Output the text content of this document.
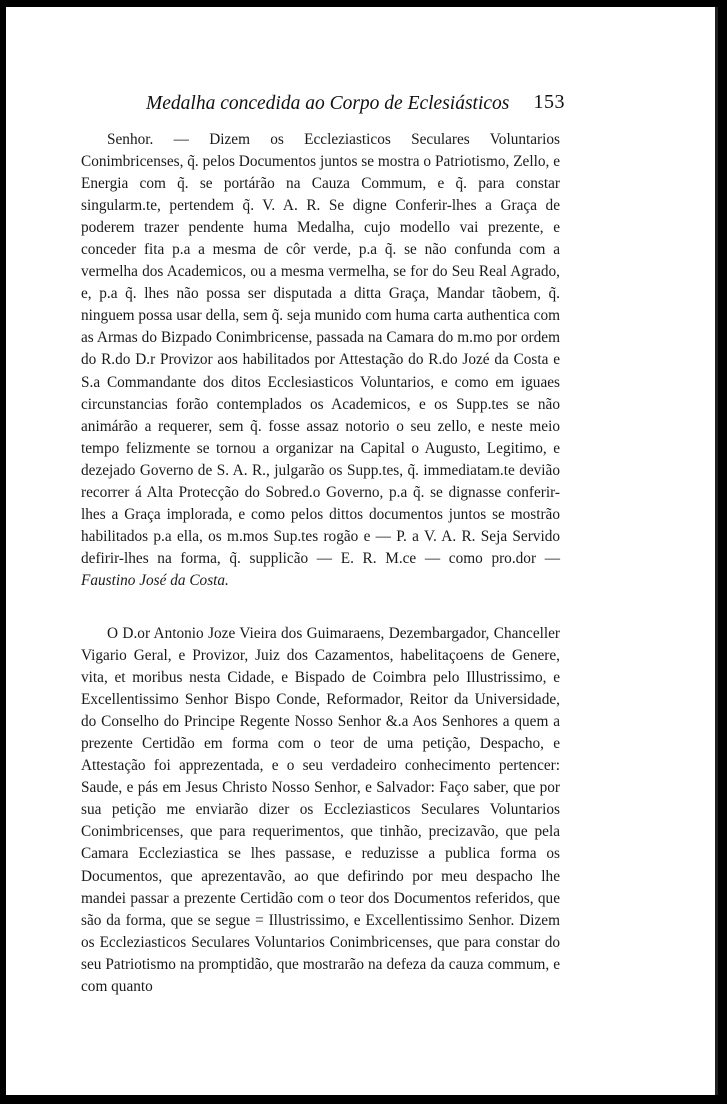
Medalha concedida ao Corpo de Eclesiásticos 153

Senhor. — Dizem os Eccleziasticos Seculares Voluntarios Conimbricenses, q̃. pelos Documentos juntos se mostra o Patriotismo, Zello, e Energia com q̃. se portárão na Cauza Commum, e q̃. para constar singularm.te, pertendem q̃. V. A. R. Se digne Conferir-lhes a Graça de poderem trazer pendente huma Medalha, cujo modello vai prezente, e conceder fita p.a a mesma de côr verde, p.a q̃. se não confunda com a vermelha dos Academicos, ou a mesma vermelha, se for do Seu Real Agrado, e, p.a q̃. lhes não possa ser disputada a ditta Graça, Mandar tãobem, q̃. ninguem possa usar della, sem q̃. seja munido com huma carta authentica com as Armas do Bizpado Conimbricense, passada na Camara do m.mo por ordem do R.do D.r Provizor aos habilitados por Attestação do R.do Jozé da Costa e S.a Commandante dos ditos Ecclesiasticos Voluntarios, e como em iguaes circunstancias forão contemplados os Academicos, e os Supp.tes se não animárão a requerer, sem q̃. fosse assaz notorio o seu zello, e neste meio tempo felizmente se tornou a organizar na Capital o Augusto, Legitimo, e dezejado Governo de S. A. R., julgarão os Supp.tes, q̃. immediatam.te devião recorrer á Alta Protecção do Sobred.o Governo, p.a q̃. se dignasse conferir-lhes a Graça implorada, e como pelos dittos documentos juntos se mostrão habilitados p.a ella, os m.mos Sup.tes rogão e — P. a V. A. R. Seja Servido defirir-lhes na forma, q̃. supplicão — E. R. M.ce — como pro.dor — Faustino José da Costa.

O D.or Antonio Joze Vieira dos Guimaraens, Dezembargador, Chanceller Vigario Geral, e Provizor, Juiz dos Cazamentos, habelitaçoens de Genere, vita, et moribus nesta Cidade, e Bispado de Coimbra pelo Illustrissimo, e Excellentissimo Senhor Bispo Conde, Reformador, Reitor da Universidade, do Conselho do Principe Regente Nosso Senhor &.a Aos Senhores a quem a prezente Certidão em forma com o teor de uma petição, Despacho, e Attestação foi apprezentada, e o seu verdadeiro conhecimento pertencer: Saude, e pás em Jesus Christo Nosso Senhor, e Salvador: Faço saber, que por sua petição me enviarão dizer os Eccleziasticos Seculares Voluntarios Conimbricenses, que para requerimentos, que tinhão, precizavão, que pela Camara Eccleziastica se lhes passase, e reduzisse a publica forma os Documentos, que aprezentavão, ao que defirindo por meu despacho lhe mandei passar a prezente Certidão com o teor dos Documentos referidos, que são da forma, que se segue = Illustrissimo, e Excellentissimo Senhor. Dizem os Eccleziasticos Seculares Voluntarios Conimbricenses, que para constar do seu Patriotismo na promptidão, que mostrarão na defeza da cauza commum, e com quanto
